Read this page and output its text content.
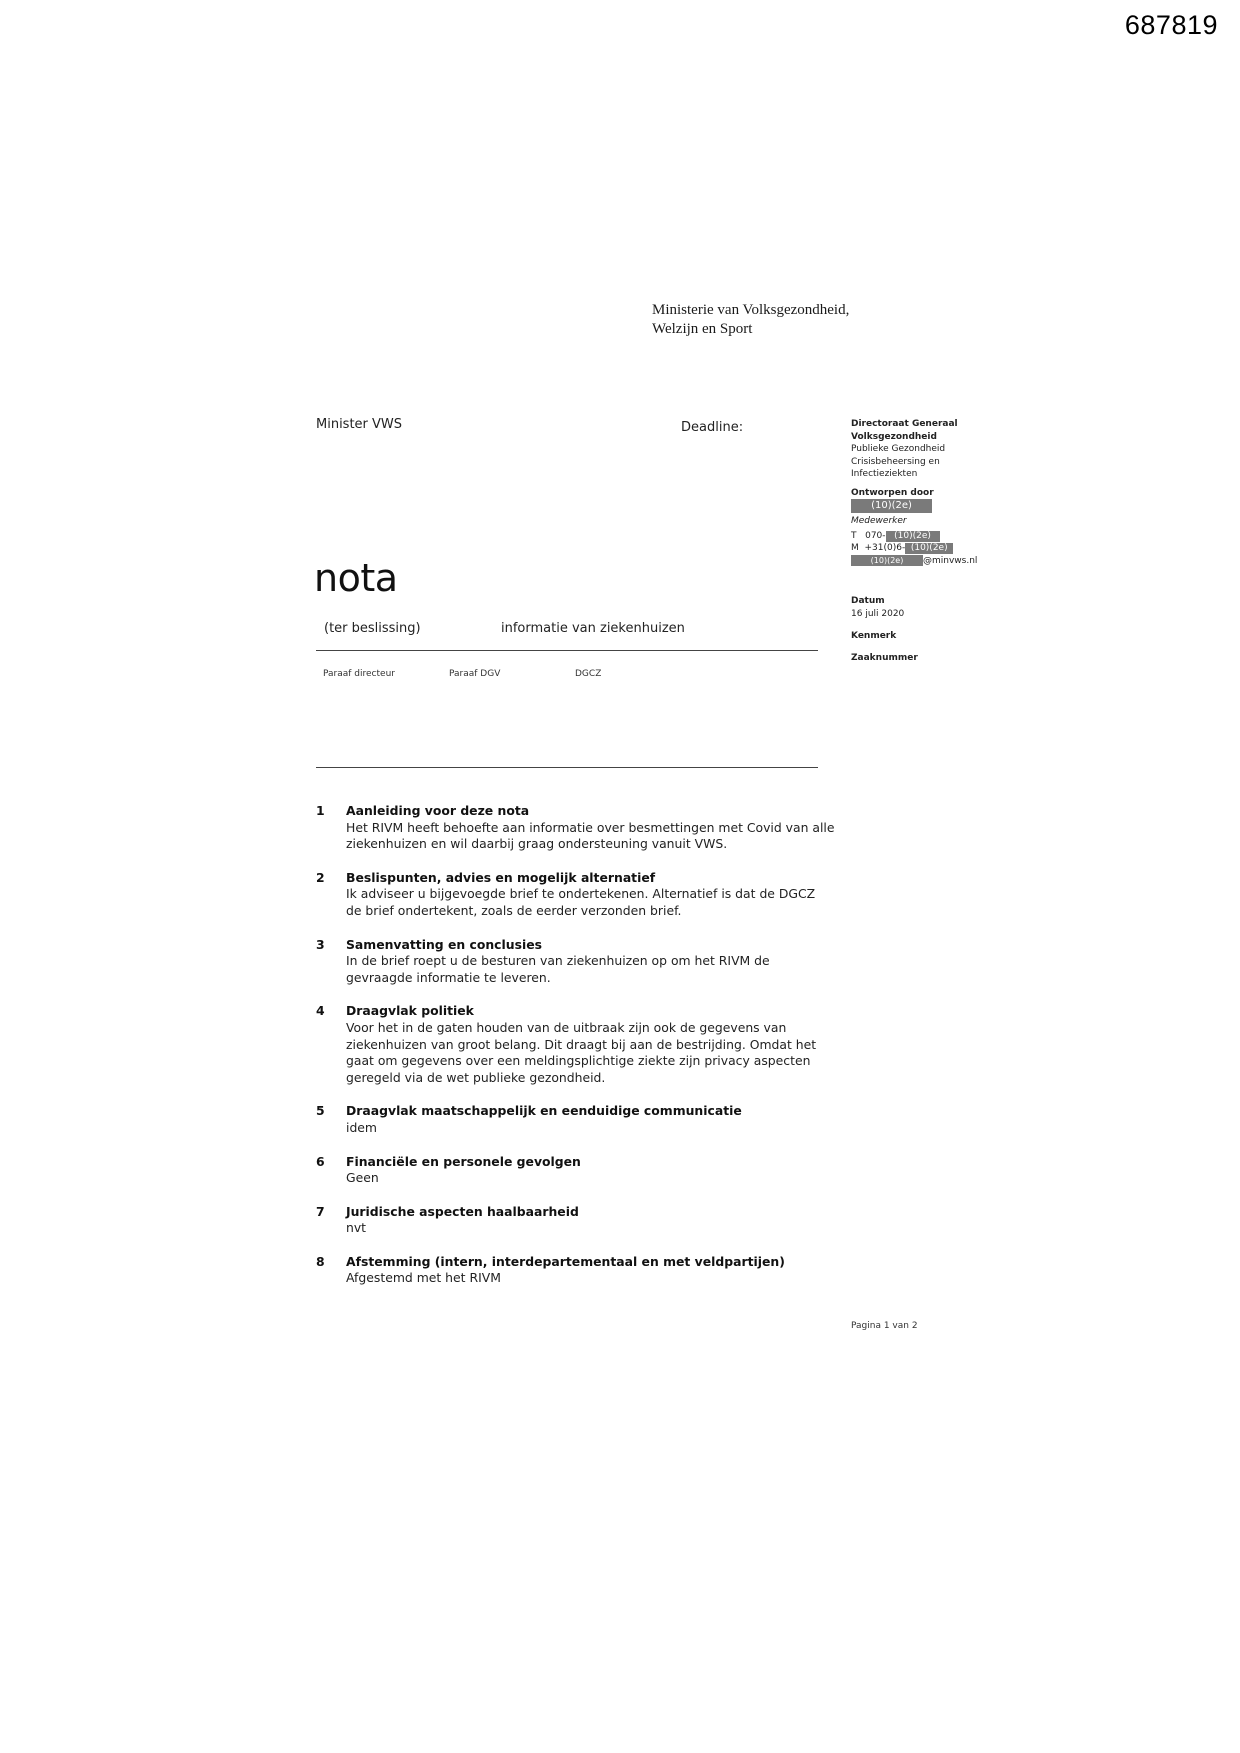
687819
Ministerie van Volksgezondheid,
Welzijn en Sport
Minister VWS	Deadline:
nota
(ter beslissing)	informatie van ziekenhuizen
Paraaf directeur	Paraaf DGV	DGCZ
Directoraat Generaal
Volksgezondheid
Publieke Gezondheid
Crisisbeheersing en
Infectieziekten
Ontworpen door
(10)(2e)
Medewerker
T 070- (10)(2e)
M +31(0)6- (10)(2e)
(10)(2e) @minvws.nl
Datum
16 juli 2020
Kenmerk
Zaaknummer
1 Aanleiding voor deze nota
Het RIVM heeft behoefte aan informatie over besmettingen met Covid van alle
ziekenhuizen en wil daarbij graag ondersteuning vanuit VWS.
2 Beslispunten, advies en mogelijk alternatief
Ik adviseer u bijgevoegde brief te ondertekenen. Alternatief is dat de DGCZ
de brief ondertekent, zoals de eerder verzonden brief.
3 Samenvatting en conclusies
In de brief roept u de besturen van ziekenhuizen op om het RIVM de
gevraagde informatie te leveren.
4 Draagvlak politiek
Voor het in de gaten houden van de uitbraak zijn ook de gegevens van
ziekenhuizen van groot belang. Dit draagt bij aan de bestrijding. Omdat het
gaat om gegevens over een meldingsplichtige ziekte zijn privacy aspecten
geregeld via de wet publieke gezondheid.
5 Draagvlak maatschappelijk en eenduidige communicatie
idem
6 Financiële en personele gevolgen
Geen
7 Juridische aspecten haalbaarheid
nvt
8 Afstemming (intern, interdepartementaal en met veldpartijen)
Afgestemd met het RIVM
Pagina 1 van 2
